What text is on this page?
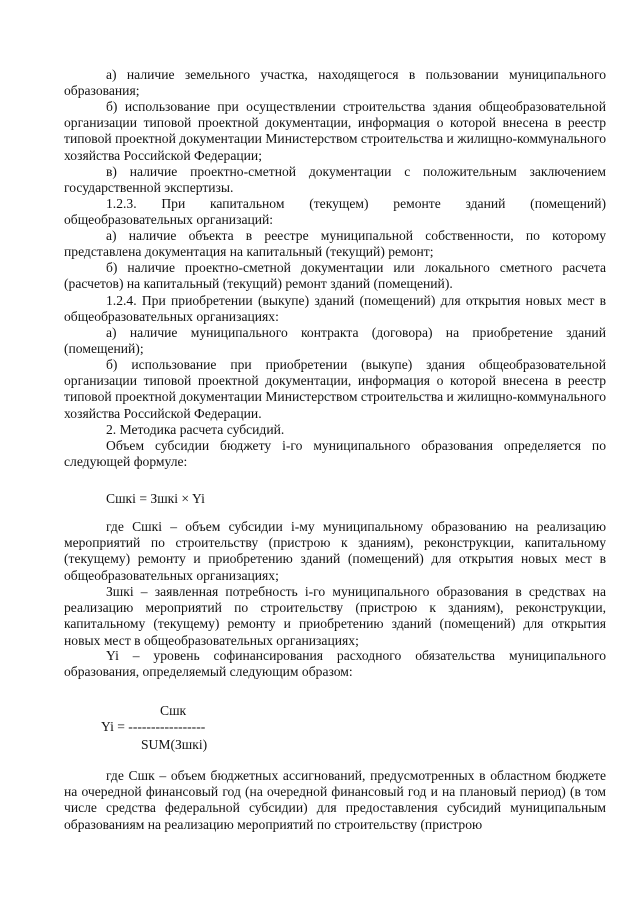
а) наличие земельного участка, находящегося в пользовании муниципального образования;

б) использование при осуществлении строительства здания общеобразовательной организации типовой проектной документации, информация о которой внесена в реестр типовой проектной документации Министерством строительства и жилищно-коммунального хозяйства Российской Федерации;

в) наличие проектно-сметной документации с положительным заключением государственной экспертизы.

1.2.3. При капитальном (текущем) ремонте зданий (помещений) общеобразовательных организаций:

а) наличие объекта в реестре муниципальной собственности, по которому представлена документация на капитальный (текущий) ремонт;

б) наличие проектно-сметной документации или локального сметного расчета (расчетов) на капитальный (текущий) ремонт зданий (помещений).

1.2.4. При приобретении (выкупе) зданий (помещений) для открытия новых мест в общеобразовательных организациях:

а) наличие муниципального контракта (договора) на приобретение зданий (помещений);

б) использование при приобретении (выкупе) здания общеобразовательной организации типовой проектной документации, информация о которой внесена в реестр типовой проектной документации Министерством строительства и жилищно-коммунального хозяйства Российской Федерации.

2. Методика расчета субсидий.

Объем субсидии бюджету i-го муниципального образования определяется по следующей формуле:

Сшкi = Зшкi × Yi

где Сшкi – объем субсидии i-му муниципальному образованию на реализацию мероприятий по строительству (пристрою к зданиям), реконструкции, капитальному (текущему) ремонту и приобретению зданий (помещений) для открытия новых мест в общеобразовательных организациях;

Зшкi – заявленная потребность i-го муниципального образования в средствах на реализацию мероприятий по строительству (пристрою к зданиям), реконструкции, капитальному (текущему) ремонту и приобретению зданий (помещений) для открытия новых мест в общеобразовательных организациях;

Yi – уровень софинансирования расходного обязательства муниципального образования, определяемый следующим образом:

Сшк
Yi = -----------------
SUM(Зшкi)

где Сшк – объем бюджетных ассигнований, предусмотренных в областном бюджете на очередной финансовый год (на очередной финансовый год и на плановый период) (в том числе средства федеральной субсидии) для предоставления субсидий муниципальным образованиям на реализацию мероприятий по строительству (пристрою
